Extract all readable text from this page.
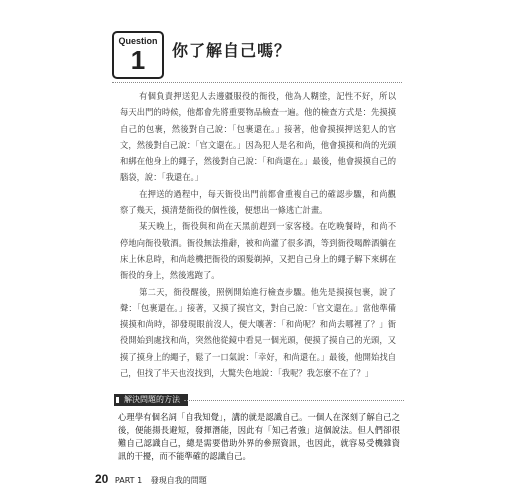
Question
1	你了解自己嗎？

有個負責押送犯人去邊疆服役的衙役，他為人糊塗，記性不好，所以每天出門的時候，他都會先將重要物品檢查一遍。他的檢查方式是：先摸摸自己的包裹，然後對自己說：「包裹還在。」接著，他會摸摸押送犯人的官文，然後對自己說：「官文還在。」因為犯人是名和尚，他會摸摸和尚的光頭和綁在他身上的繩子，然後對自己說：「和尚還在。」最後，他會摸摸自己的腦袋，說：「我還在。」

在押送的過程中，每天衙役出門前都會重複自己的確認步驟，和尚觀察了幾天，摸清楚衙役的個性後，便想出一條逃亡計畫。

某天晚上，衙役與和尚在天黑前趕到一家客棧。在吃晚餐時，和尚不停地向衙役敬酒。衙役無法推辭，被和尚灌了很多酒，等到衙役喝醉酒躺在床上休息時，和尚趁機把衙役的頭髮剃掉，又把自己身上的繩子解下來綁在衙役的身上，然後逃跑了。

第二天，衙役醒後，照例開始進行檢查步驟。他先是摸摸包裹，說了聲：「包裹還在。」接著，又摸了摸官文，對自己說：「官文還在。」當他準備摸摸和尚時，卻發現眼前沒人，便大嚷著：「和尚呢？和尚去哪裡了？」衙役開始到處找和尚，突然他從鏡中看見一個光頭，便摸了摸自己的光頭，又摸了摸身上的繩子，鬆了一口氣說：「幸好，和尚還在。」最後，他開始找自己，但找了半天也沒找到，大驚失色地說：「我呢？我怎麼不在了？」

解決問題的方法

心理學有個名詞「自我知覺」，講的就是認識自己。一個人在深刻了解自己之後，便能揚長避短，發揮潛能，因此有「知己者強」這個說法。但人們卻很難自己認識自己，總是需要借助外界的參照資訊，也因此，就容易受機雜資訊的干擾，而不能準確的認識自己。

20 PART 1 發現自我的問題
